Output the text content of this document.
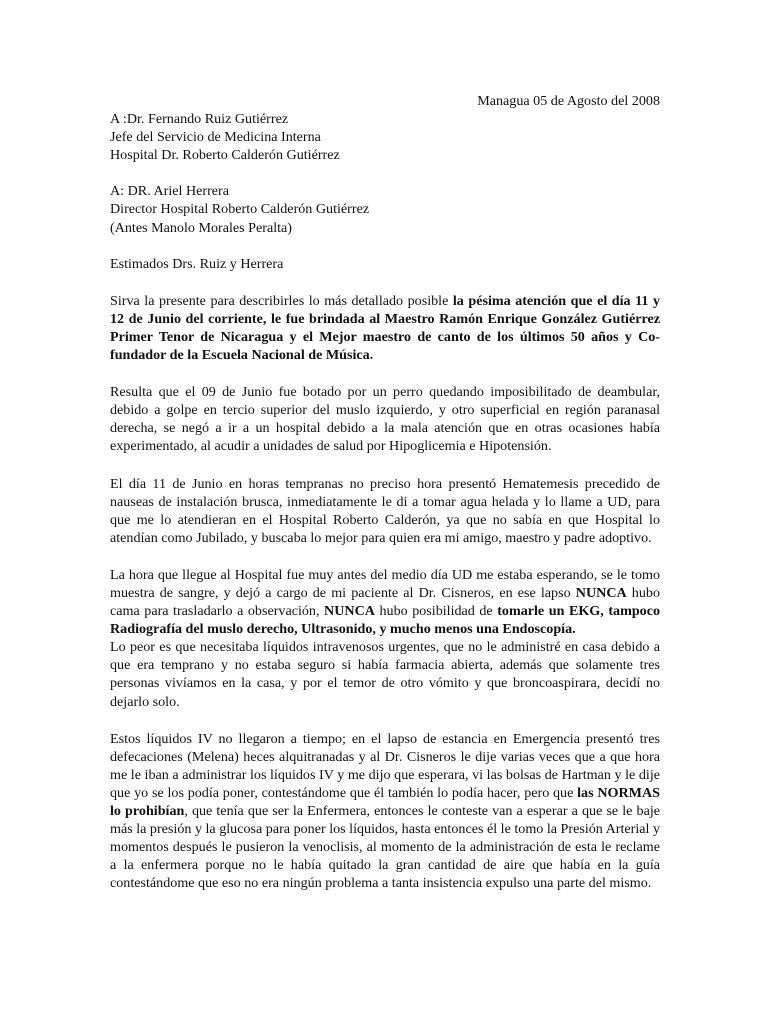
Managua 05 de Agosto del 2008

A :Dr. Fernando Ruiz Gutiérrez
Jefe del Servicio de Medicina Interna
Hospital Dr. Roberto Calderón Gutiérrez
A: DR. Ariel Herrera
Director Hospital Roberto Calderón Gutiérrez
(Antes Manolo Morales Peralta)

Estimados Drs. Ruiz y Herrera

Sirva la presente para describirles lo más detallado posible la pésima atención que el día 11 y 12 de Junio del corriente, le fue brindada al Maestro Ramón Enrique González Gutiérrez Primer Tenor de Nicaragua y el Mejor maestro de canto de los últimos 50 años y Co-fundador de la Escuela Nacional de Música.

Resulta que el 09 de Junio fue botado por un perro quedando imposibilitado de deambular, debido a golpe en tercio superior del muslo izquierdo, y otro superficial en región paranasal derecha, se negó a ir a un hospital debido a la mala atención que en otras ocasiones había experimentado, al acudir a unidades de salud por Hipoglicemia e Hipotensión.

El día 11 de Junio en horas tempranas no preciso hora presentó Hematemesis precedido de nauseas de instalación brusca, inmediatamente le di a tomar agua helada y lo llame a UD, para que me lo atendieran en el Hospital Roberto Calderón, ya que no sabía en que Hospital lo atendían como Jubilado, y buscaba lo mejor para quien era mi amigo, maestro y padre adoptivo.

La hora que llegue al Hospital fue muy antes del medio día UD me estaba esperando, se le tomo muestra de sangre, y dejó a cargo de mi paciente al Dr. Cisneros, en ese lapso NUNCA hubo cama para trasladarlo a observación, NUNCA hubo posibilidad de tomarle un EKG, tampoco Radiografía del muslo derecho, Ultrasonido, y mucho menos una Endoscopía.

Lo peor es que necesitaba líquidos intravenosos urgentes, que no le administré en casa debido a que era temprano y no estaba seguro si había farmacia abierta, además que solamente tres personas vivíamos en la casa, y por el temor de otro vómito y que broncoaspirara, decidí no dejarlo solo.

Estos líquidos IV no llegaron a tiempo; en el lapso de estancia en Emergencia presentó tres defecaciones (Melena) heces alquitranadas y al Dr. Cisneros le dije varias veces que a que hora me le iban a administrar los líquidos IV y me dijo que esperara, vi las bolsas de Hartman y le dije que yo se los podía poner, contestándome que él también lo podía hacer, pero que las NORMAS lo prohibían, que tenía que ser la Enfermera, entonces le conteste van a esperar a que se le baje más la presión y la glucosa para poner los líquidos, hasta entonces él le tomo la Presión Arterial y momentos después le pusieron la venoclisis, al momento de la administración de esta le reclame a la enfermera porque no le había quitado la gran cantidad de aire que había en la guía contestándome que eso no era ningún problema a tanta insistencia expulso una parte del mismo.
